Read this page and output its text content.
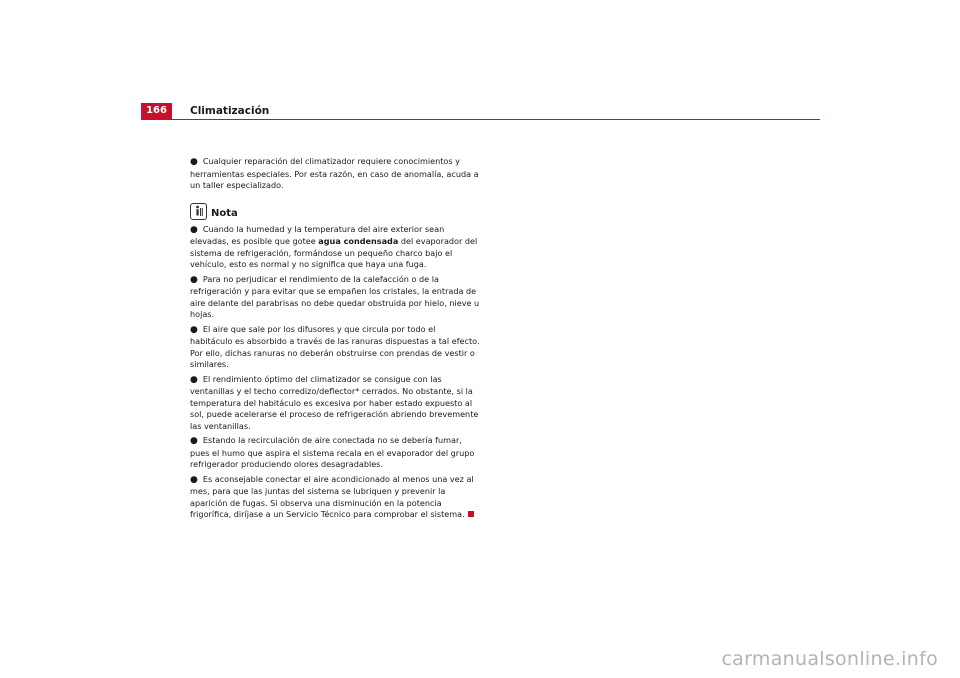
166	Climatización

● Cualquier reparación del climatizador requiere conocimientos y herramientas especiales. Por esta razón, en caso de anomalía, acuda a un taller especializado.

Nota

● Cuando la humedad y la temperatura del aire exterior sean elevadas, es posible que gotee agua condensada del evaporador del sistema de refrigeración, formándose un pequeño charco bajo el vehículo, esto es normal y no significa que haya una fuga.

● Para no perjudicar el rendimiento de la calefacción o de la refrigeración y para evitar que se empañen los cristales, la entrada de aire delante del parabrisas no debe quedar obstruida por hielo, nieve u hojas.

● El aire que sale por los difusores y que circula por todo el habitáculo es absorbido a través de las ranuras dispuestas a tal efecto. Por ello, dichas ranuras no deberán obstruirse con prendas de vestir o similares.

● El rendimiento óptimo del climatizador se consigue con las ventanillas y el techo corredizo/deflector* cerrados. No obstante, si la temperatura del habitáculo es excesiva por haber estado expuesto al sol, puede acelerarse el proceso de refrigeración abriendo brevemente las ventanillas.

● Estando la recirculación de aire conectada no se debería fumar, pues el humo que aspira el sistema recala en el evaporador del grupo refrigerador produciendo olores desagradables.

● Es aconsejable conectar el aire acondicionado al menos una vez al mes, para que las juntas del sistema se lubriquen y prevenir la aparición de fugas. Si observa una disminución en la potencia frigorífica, diríjase a un Servicio Técnico para comprobar el sistema.

carmanualsonline.info
